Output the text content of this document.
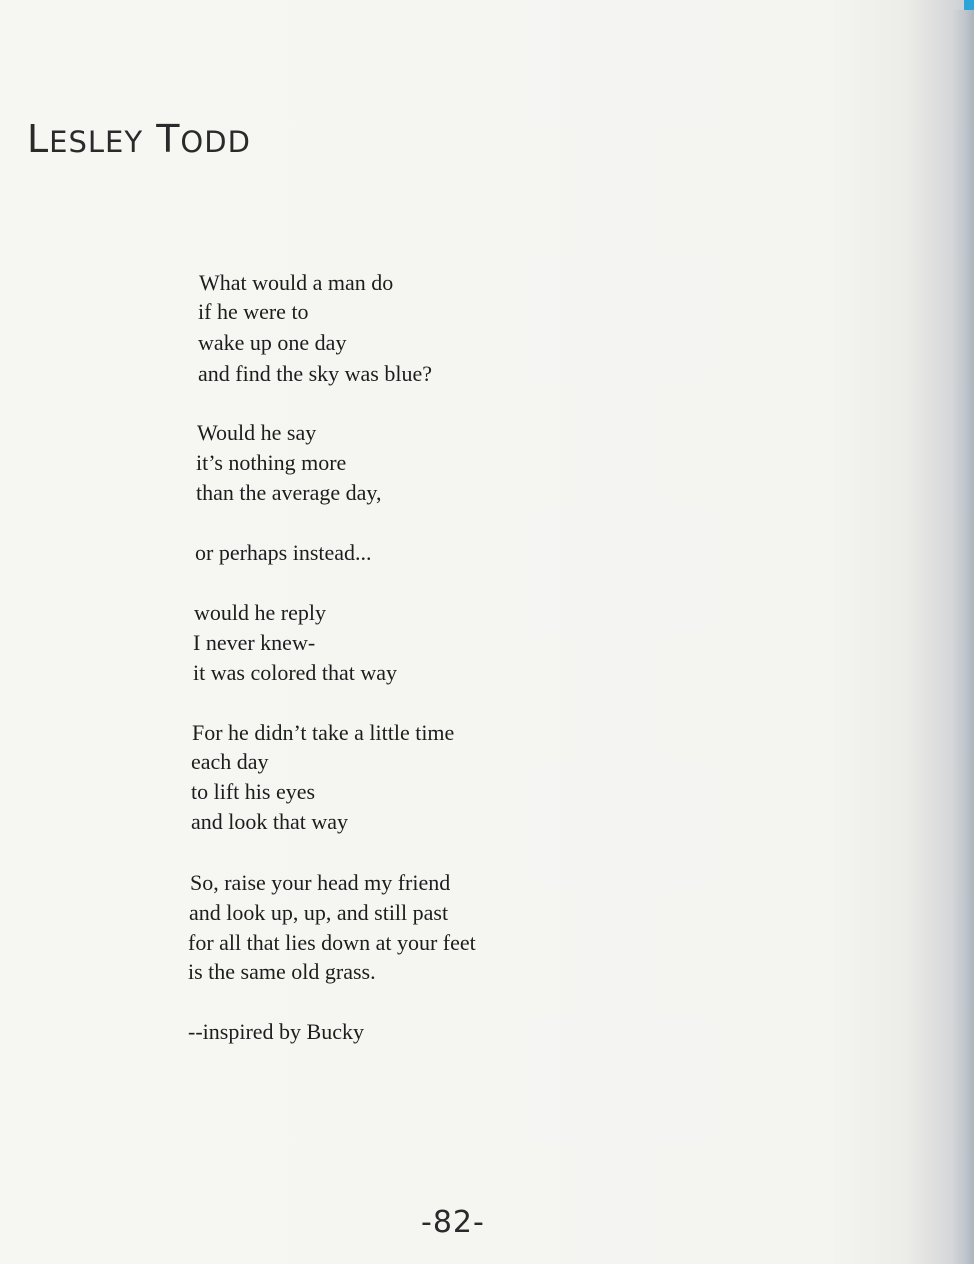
LESLEY TODD
What would a man do
if he were to
wake up one day
and find the sky was blue?
Would he say
it’s nothing more
than the average day,
or perhaps instead...
would he reply
I never knew-
it was colored that way
For he didn’t take a little time
each day
to lift his eyes
and look that way
So, raise your head my friend
and look up, up, and still past
for all that lies down at your feet
is the same old grass.
--inspired by Bucky
-82-
